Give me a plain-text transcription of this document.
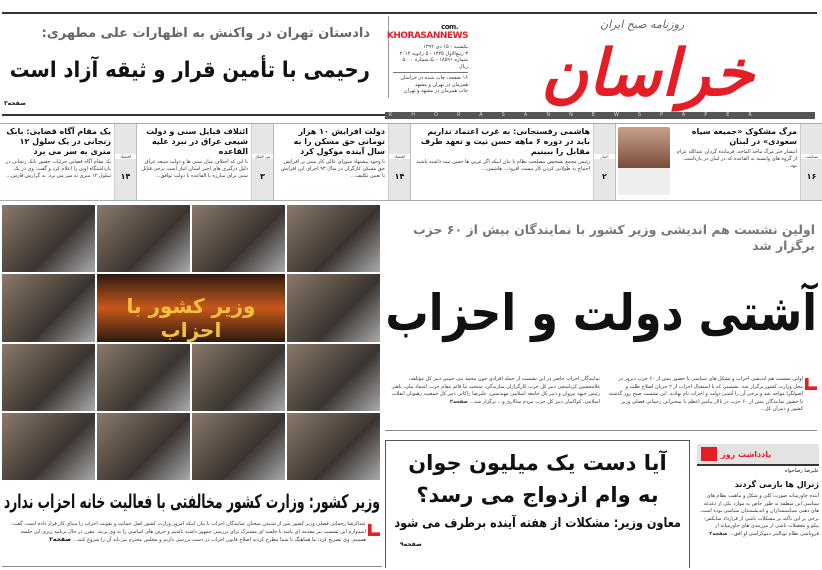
دادستان تهران در واکنش به اظهارات علی مطهری:
رحیمی با تأمین قرار و ثیقه آزاد است
صفحه۳
.com
KHORASANNEWS
یکشنبه - ۱۵ دی ۱۳۹۲
۳ ربیع‌الاول ۱۴۳۵ - ۵ ژانویه ۲۰۱۴
شماره ۱۸۵۹۱ - تک‌شماره ۵۰۰۰ ریال
۱۶ صفحه، چاپ شده در خراسان
همزمان در تهران و مشهد
چاپ همزمان در مشهد و تهران	خراسان
روزنامه صبح ایران
KHORASANNEWSPAPER
سیاست
۱۶
مرگ مشکوک «جمیعه سیاه سعودی» در لبنان
انتشار خبر مرگ ماجد الماجد، فرمانده گردان عبدالله عزام از گروه های وابسته به القاعده که در لبنان در بازداشت بود...
اخبار
۲
هاشمی رفسنجانی: به غرب اعتماد نداریم باید در دوره ۶ ماهه حسن نیت و تعهد طرف مقابل را ببینیم
رئیس مجمع تشخیص مصلحت نظام با بیان اینکه اگر غربی ها حسن نیت داشته باشند احتیاج به طولانی کردن کار نیست افزود... هاشمی...
اقتصاد
۱۴
دولت افزایش ۱۰ هزار تومانی حق مسکن را به سال آینده موکول کرد
با وجود پیشنهاد شورای عالی کار مبنی بر افزایش حق مسکن کارگران در سال ۹۳ اجرای این افزایش تا تعیین تکلیف...
بین الملل
۳
ائتلاف قبایل سنی و دولت شیعی عراق در نبرد علیه القاعده
با این که اختلاف میان سنی ها و دولت شیعه عراق دلیل درگیری های اخیر استان انبار است برخی قبایل سنی برای مبارزه با القاعده با دولت توافق...
اقتصاد
۱۴
یک مقام آگاه قضایی: بابک زنجانی در یک سلول ۱۲ متری به سر می برد
یک مقام آگاه قضایی جزئیات حضور بابک زنجانی در بازداشتگاه اوین را اعلام کرد و گفت: وی در یک سلول ۱۲ متری به سر می برد. به گزارش فارس...
وزیر کشور با احزاب
اولین نشست هم اندیشی وزیر کشور با نمایندگان بیش از ۶۰ حزب برگزار شد
آشتی دولت و احزاب
اولین نشست هم اندیشی احزاب و تشکل های سیاسی با حضور بیش از ۶۰ حزب دیروز در محل وزارت کشور برگزار شد. نشستی که با استقبال احزاب از ۲ جریان اصلاح طلب و اصولگرا مواجه شد و برخی آن را آشتی دولت و احزاب نام نهادند. این نشست صبح روز گذشته با حضور نمایندگان بیش از ۶۰ حزب در تالار پیامبر اعظم با سخنرانی رحمانی فضلی وزیر کشور و دبیران کل...
نمایندگان احزاب حاضر در این نشست از جمله افرادی چون محمد نبی حبیبی دبیر کل مؤتلفه، غلامحسین کرباسچی دبیر کل حزب کارگزاران سازندگی، منتجب نیا قائم مقام حزب اعتماد ملی، باهنر رئیس جبهه پیروان و دبیر کل جامعه اسلامی مهندسین، علیرضا زاکانی دبیر کل جمعیت رهپویان انقلاب اسلامی، کواکبیان دبیر کل حزب مردم سالاری و... برگزار شد... صفحه۲
آیا دست یک میلیون جوان
به وام ازدواج می رسد؟
معاون وزیر: مشکلات از هفته آینده برطرف می شود
صفحه۹
یادداشت روز
علیرضا رضاخواه
ژنرال ها بازمی گردند
آینده خاورمیانه صورت کلی و شکل و ماهیت نظام های سیاسی این منطقه به طور خاص به موارد یکی از دغدغه های ذهنی سیاستمداران و اندیشمندان سیاسی بوده است. برخی بر این تأکید بر مشکلات ناشی از قرارداد سایکس-پیکو و معضلات ناشی از مرزبندی های خاورمیانه از فروپاشی نظام توتالیتر دموکراسی او افق... صفحه۲
وزیر کشور: وزارت کشور مخالفتی با فعالیت خانه احزاب ندارد
عبدالرضا رحمانی فضلی وزیر کشور پس از شنیدن سخنان نمایندگان احزاب با بیان اینکه امروز وزارت کشور اصل حمایت و تقویت احزاب را مبنای کار قرار داده است، گفت: امیدوارم این نشست نیز مقدمه ای باشد تا جلسه ای مشترک برای بررسی جمهور داشته باشیم و حرف های اساسی را به وی بزنید. مقرر در حال برنامه ریزی این جلسه هستیم. وی تصریح کرد: ما هماهنگ تا شما مطرح کردید اصلاح قانون احزاب در دست بررسی داریم و مجلس محترم نیز باید آن را شروع کنند... صفحه۲
